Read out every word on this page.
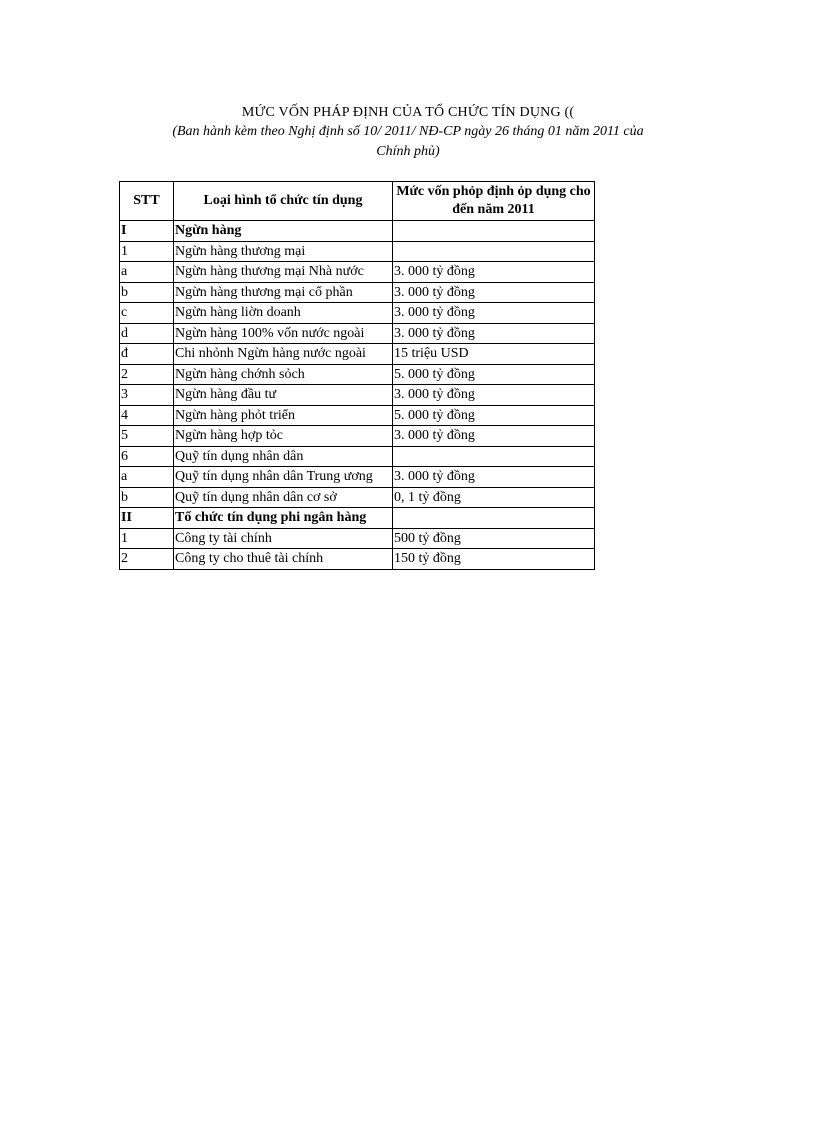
MỨC VỐN PHÁP ĐỊNH CỦA TỔ CHỨC TÍN DỤNG ((

(Ban hành kèm theo Nghị định số 10/ 2011/ NĐ-CP ngày 26 tháng 01 năm 2011 của

Chính phủ)

STT	Loại hình tổ chức tín dụng	Mức vốn phỏp định ỏp dụng cho đến năm 2011
I	Ngừn hàng	
1	Ngừn hàng thương mại	
a	Ngừn hàng thương mại Nhà nước	3. 000 tỷ đồng
b	Ngừn hàng thương mại cổ phần	3. 000 tỷ đồng
c	Ngừn hàng liờn doanh	3. 000 tỷ đồng
d	Ngừn hàng 100% vốn nước ngoài	3. 000 tỷ đồng
đ	Chi nhỏnh Ngừn hàng nước ngoài	15 triệu USD
2	Ngừn hàng chớnh sỏch	5. 000 tỷ đồng
3	Ngừn hàng đầu tư	3. 000 tỷ đồng
4	Ngừn hàng phỏt triển	5. 000 tỷ đồng
5	Ngừn hàng hợp tỏc	3. 000 tỷ đồng
6	Quỹ tín dụng nhân dân	
a	Quỹ tín dụng nhân dân Trung ương	3. 000 tỷ đồng
b	Quỹ tín dụng nhân dân cơ sở	0, 1 tỷ đồng
II	Tổ chức tín dụng phi ngân hàng	
1	Công ty tài chính	500 tỷ đồng
2	Công ty cho thuê tài chính	150 tỷ đồng
